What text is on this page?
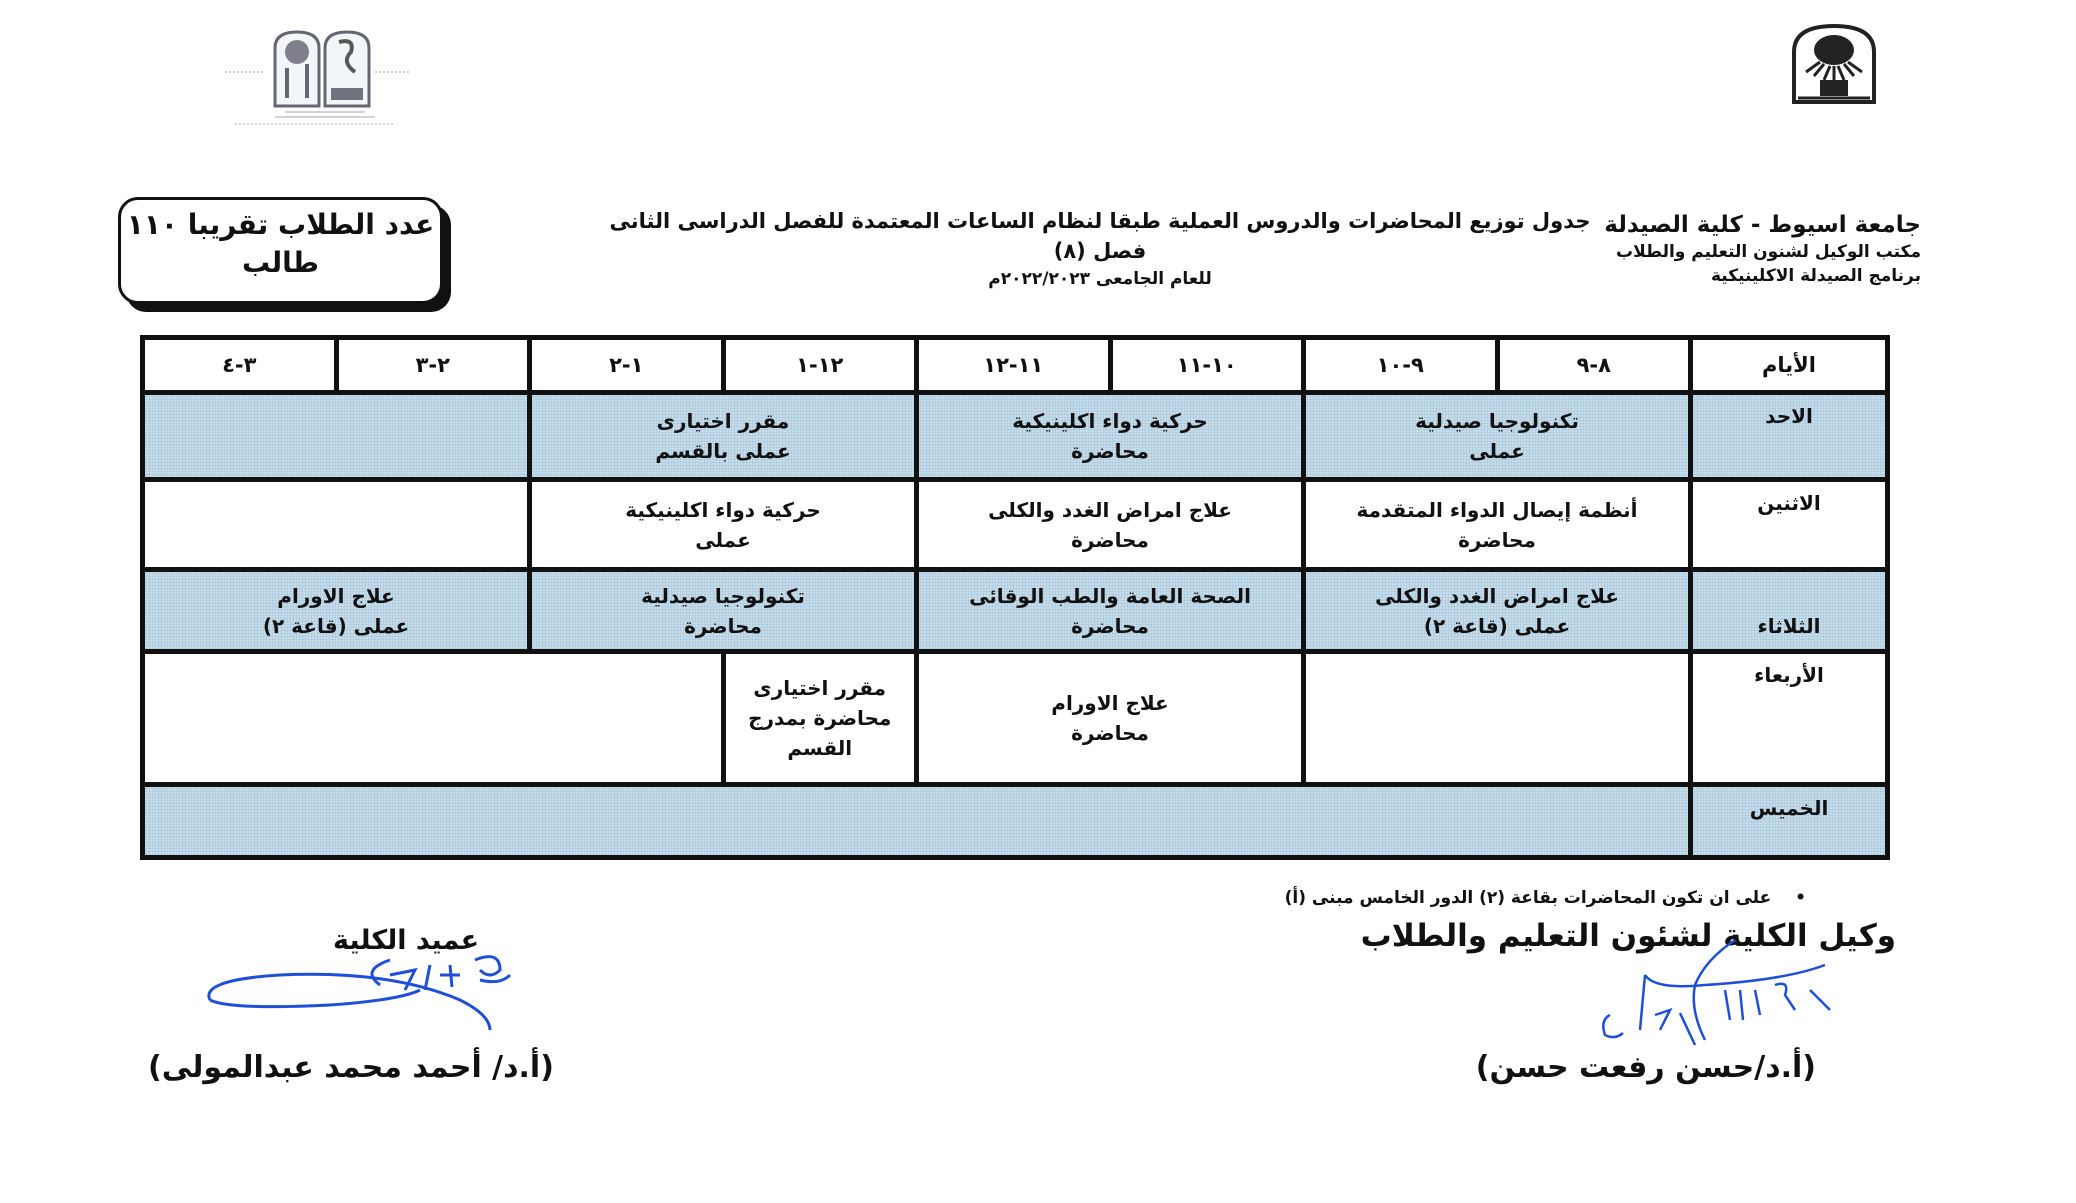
جامعة اسيوط - كلية الصيدلة
مكتب الوكيل لشنون التعليم والطلاب
برنامج الصيدلة الاكلينيكية
جدول توزيع المحاضرات والدروس العملية طبقا لنظام الساعات المعتمدة للفصل الدراسى الثانى فصل (٨)
للعام الجامعى ٢٠٢٢/٢٠٢٣م
عدد الطلاب تقريبا ١١٠
طالب
الأيام
٨-٩
٩-١٠
١٠-١١
١١-١٢
١٢-١
١-٢
٢-٣
٣-٤
الاحد
تكنولوجيا صيدلية
عملى
حركية دواء اكلينيكية
محاضرة
مقرر اختيارى
عملى بالقسم
الاثنين
أنظمة إيصال الدواء المتقدمة
محاضرة
علاج امراض الغدد والكلى
محاضرة
حركية دواء اكلينيكية
عملى
الثلاثاء
علاج امراض الغدد والكلى
عملى (قاعة ٢)
الصحة العامة والطب الوقائى
محاضرة
تكنولوجيا صيدلية
محاضرة
علاج الاورام
عملى (قاعة ٢)
الأربعاء
علاج الاورام
محاضرة
مقرر اختيارى
محاضرة بمدرج
القسم
الخميس
• على ان تكون المحاضرات بقاعة (٢) الدور الخامس مبنى (أ)
وكيل الكلية لشئون التعليم والطلاب
(أ.د/حسن رفعت حسن)
عميد الكلية
(أ.د/ أحمد محمد عبدالمولى)
